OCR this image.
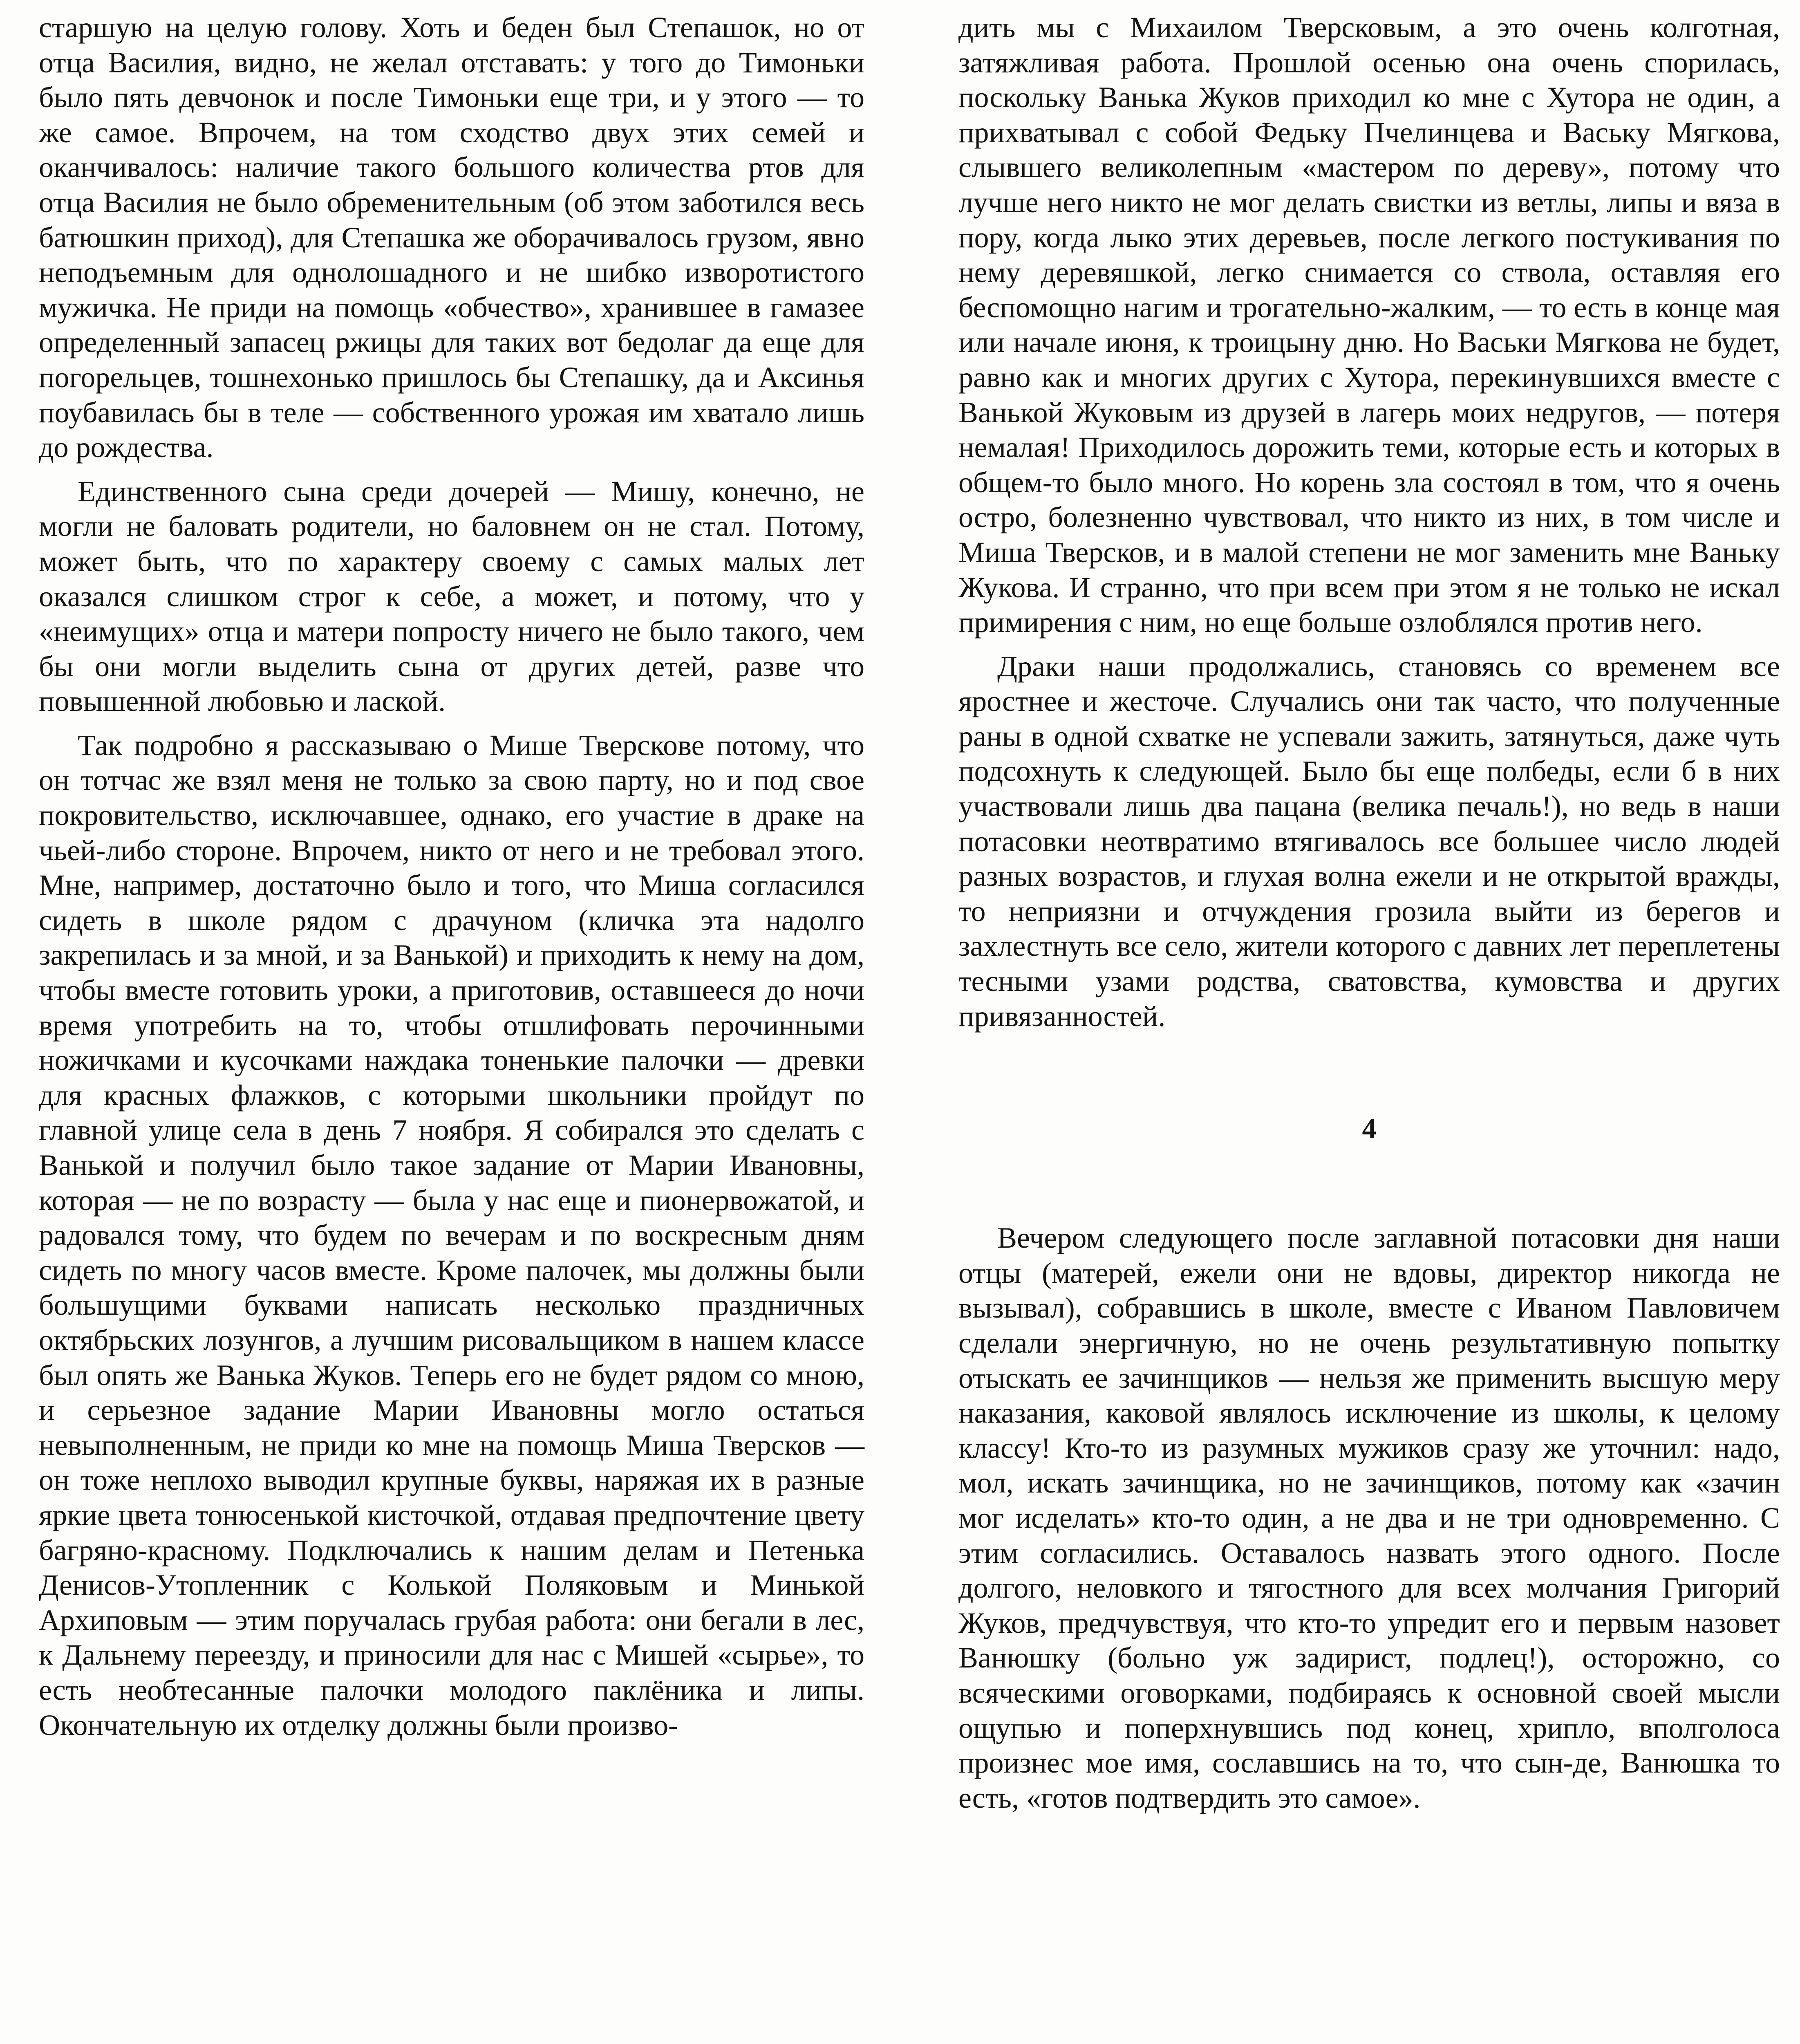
старшую на целую голову. Хоть и беден был Степашок, но от отца Василия, видно, не желал отставать: у того до Тимоньки было пять девчонок и после Тимоньки еще три, и у этого — то же самое. Впрочем, на том сходство двух этих семей и оканчивалось: наличие такого большого количества ртов для отца Василия не было обременительным (об этом заботился весь батюшкин приход), для Степашка же оборачивалось грузом, явно неподъемным для однолошадного и не шибко изворотистого мужичка. Не приди на помощь «обчество», хранившее в гамазее определенный запасец ржицы для таких вот бедолаг да еще для погорельцев, тошнехонько пришлось бы Степашку, да и Аксинья поубавилась бы в теле — собственного урожая им хватало лишь до рождества.

Единственного сына среди дочерей — Мишу, конечно, не могли не баловать родители, но баловнем он не стал. Потому, может быть, что по характеру своему с самых малых лет оказался слишком строг к себе, а может, и потому, что у «неимущих» отца и матери попросту ничего не было такого, чем бы они могли выделить сына от других детей, разве что повышенной любовью и лаской.

Так подробно я рассказываю о Мише Тверскове потому, что он тотчас же взял меня не только за свою парту, но и под свое покровительство, исключавшее, однако, его участие в драке на чьей-либо стороне. Впрочем, никто от него и не требовал этого. Мне, например, достаточно было и того, что Миша согласился сидеть в школе рядом с драчуном (кличка эта надолго закрепилась и за мной, и за Ванькой) и приходить к нему на дом, чтобы вместе готовить уроки, а приготовив, оставшееся до ночи время употребить на то, чтобы отшлифовать перочинными ножичками и кусочками наждака тоненькие палочки — древки для красных флажков, с которыми школьники пройдут по главной улице села в день 7 ноября. Я собирался это сделать с Ванькой и получил было такое задание от Марии Ивановны, которая — не по возрасту — была у нас еще и пионервожатой, и радовался тому, что будем по вечерам и по воскресным дням сидеть по многу часов вместе. Кроме палочек, мы должны были большущими буквами написать несколько праздничных октябрьских лозунгов, а лучшим рисовальщиком в нашем классе был опять же Ванька Жуков. Теперь его не будет рядом со мною, и серьезное задание Марии Ивановны могло остаться невыполненным, не приди ко мне на помощь Миша Тверсков — он тоже неплохо выводил крупные буквы, наряжая их в разные яркие цвета тонюсенькой кисточкой, отдавая предпочтение цвету багряно-красному. Подключались к нашим делам и Петенька Денисов-Утопленник с Колькой Поляковым и Минькой Архиповым — этим поручалась грубая работа: они бегали в лес, к Дальнему переезду, и приносили для нас с Мишей «сырье», то есть необтесанные палочки молодого паклёника и липы. Окончательную их отделку должны были произво-

дить мы с Михаилом Тверсковым, а это очень колготная, затяжливая работа. Прошлой осенью она очень спорилась, поскольку Ванька Жуков приходил ко мне с Хутора не один, а прихватывал с собой Федьку Пчелинцева и Ваську Мягкова, слывшего великолепным «мастером по дереву», потому что лучше него никто не мог делать свистки из ветлы, липы и вяза в пору, когда лыко этих деревьев, после легкого постукивания по нему деревяшкой, легко снимается со ствола, оставляя его беспомощно нагим и трогательно-жалким, — то есть в конце мая или начале июня, к троицыну дню. Но Васьки Мягкова не будет, равно как и многих других с Хутора, перекинувшихся вместе с Ванькой Жуковым из друзей в лагерь моих недругов, — потеря немалая! Приходилось дорожить теми, которые есть и которых в общем-то было много. Но корень зла состоял в том, что я очень остро, болезненно чувствовал, что никто из них, в том числе и Миша Тверсков, и в малой степени не мог заменить мне Ваньку Жукова. И странно, что при всем при этом я не только не искал примирения с ним, но еще больше озлоблялся против него.

Драки наши продолжались, становясь со временем все яростнее и жесточе. Случались они так часто, что полученные раны в одной схватке не успевали зажить, затянуться, даже чуть подсохнуть к следующей. Было бы еще полбеды, если б в них участвовали лишь два пацана (велика печаль!), но ведь в наши потасовки неотвратимо втягивалось все большее число людей разных возрастов, и глухая волна ежели и не открытой вражды, то неприязни и отчуждения грозила выйти из берегов и захлестнуть все село, жители которого с давних лет переплетены тесными узами родства, сватовства, кумовства и других привязанностей.

4

Вечером следующего после заглавной потасовки дня наши отцы (матерей, ежели они не вдовы, директор никогда не вызывал), собравшись в школе, вместе с Иваном Павловичем сделали энергичную, но не очень результативную попытку отыскать ее зачинщиков — нельзя же применить высшую меру наказания, каковой являлось исключение из школы, к целому классу! Кто-то из разумных мужиков сразу же уточнил: надо, мол, искать зачинщика, но не зачинщиков, потому как «зачин мог исделать» кто-то один, а не два и не три одновременно. С этим согласились. Оставалось назвать этого одного. После долгого, неловкого и тягостного для всех молчания Григорий Жуков, предчувствуя, что кто-то упредит его и первым назовет Ванюшку (больно уж задирист, подлец!), осторожно, со всяческими оговорками, подбираясь к основной своей мысли ощупью и поперхнувшись под конец, хрипло, вполголоса произнес мое имя, сославшись на то, что сын-де, Ванюшка то есть, «готов подтвердить это самое».
